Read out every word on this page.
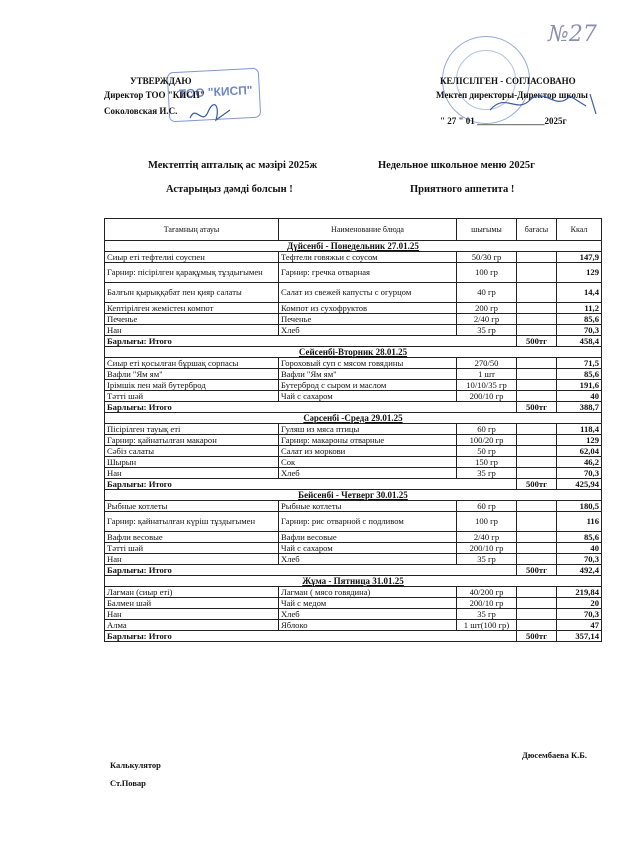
№27
ТОО "КИСП"
УТВЕРЖДАЮ
Директор ТОО "КИСП"
Соколовская И.С.
КЕЛІСІЛГЕН - СОГЛАСОВАНО
Мектеп директоры-Директор школы
" 27 " 01 _______________2025г
Мектептің апталық ас мәзірі 2025ж	Недельное школьное меню 2025г
Астарыңыз дәмді болсын !	Приятного аппетита !
Тағамның атауы	Наименование блюда	шығымы	бағасы	Ккал
Дүйсенбі - Понедельник 27.01.25				
Сиыр еті тефтелиі соуспен	Тефтели говяжьи с соусом	50/30 гр		147,9
Гарнир: пісірілген қарақұмық тұздығымен	Гарнир: гречка отварная	100 гр		129
Балғын қырыққабат пен қияр салаты	Салат из свежей капусты с огурцом	40 гр		14,4
Кептірілген жемістен компот	Компот из сухофруктов	200 гр		11,2
Печенье	Печенье	2/40 гр		85,6
Нан	Хлеб	35 гр		70,3
Барлығы: Итого			500тг	458,4
Сейсенбі-Вторник 28.01.25				
Сиыр еті қосылған бұршақ сорпасы	Гороховый суп с мясом говядины	270/50		71,5
Вафли "Ям ям"	Вафли "Ям ям"	1 шт		85,6
Ірімшік пен май бутерброд	Бутерброд с сыром и маслом	10/10/35 гр		191,6
Тәтті шәй	Чай с сахаром	200/10 гр		40
Барлығы: Итого			500тг	388,7
Сәрсенбі -Среда 29.01.25				
Пісірілген тауық еті	Гуляш из мяса птицы	60 гр		118,4
Гарнир: қайнатылған макарон	Гарнир: макароны отварные	100/20 гр		129
Сәбіз салаты	Салат из моркови	50 гр		62,04
Шырын	Сок	150 гр		46,2
Нан	Хлеб	35 гр		70,3
Барлығы: Итого			500тг	425,94
Бейсенбі - Четверг 30.01.25				
Рыбные котлеты	Рыбные котлеты	60 гр		180,5
Гарнир: қайнатылған күріш тұздығымен	Гарнир: рис отварной с подливом	100 гр		116
Вафли весовые	Вафли весовые	2/40 гр		85,6
Тәтті шәй	Чай с сахаром	200/10 гр		40
Нан	Хлеб	35 гр		70,3
Барлығы: Итого			500тг	492,4
Жұма - Пятница 31.01.25				
Лағман (сиыр еті)	Лагман ( мясо говядина)	40/200 гр		219,84
Балмен шәй	Чай с медом	200/10 гр		20
Нан	Хлеб	35 гр		70,3
Алма	Яблоко	1 шт(100 гр)		47
Барлығы: Итого			500тг	357,14
Калькулятор
Ст.Повар
Дюсембаева К.Б.
